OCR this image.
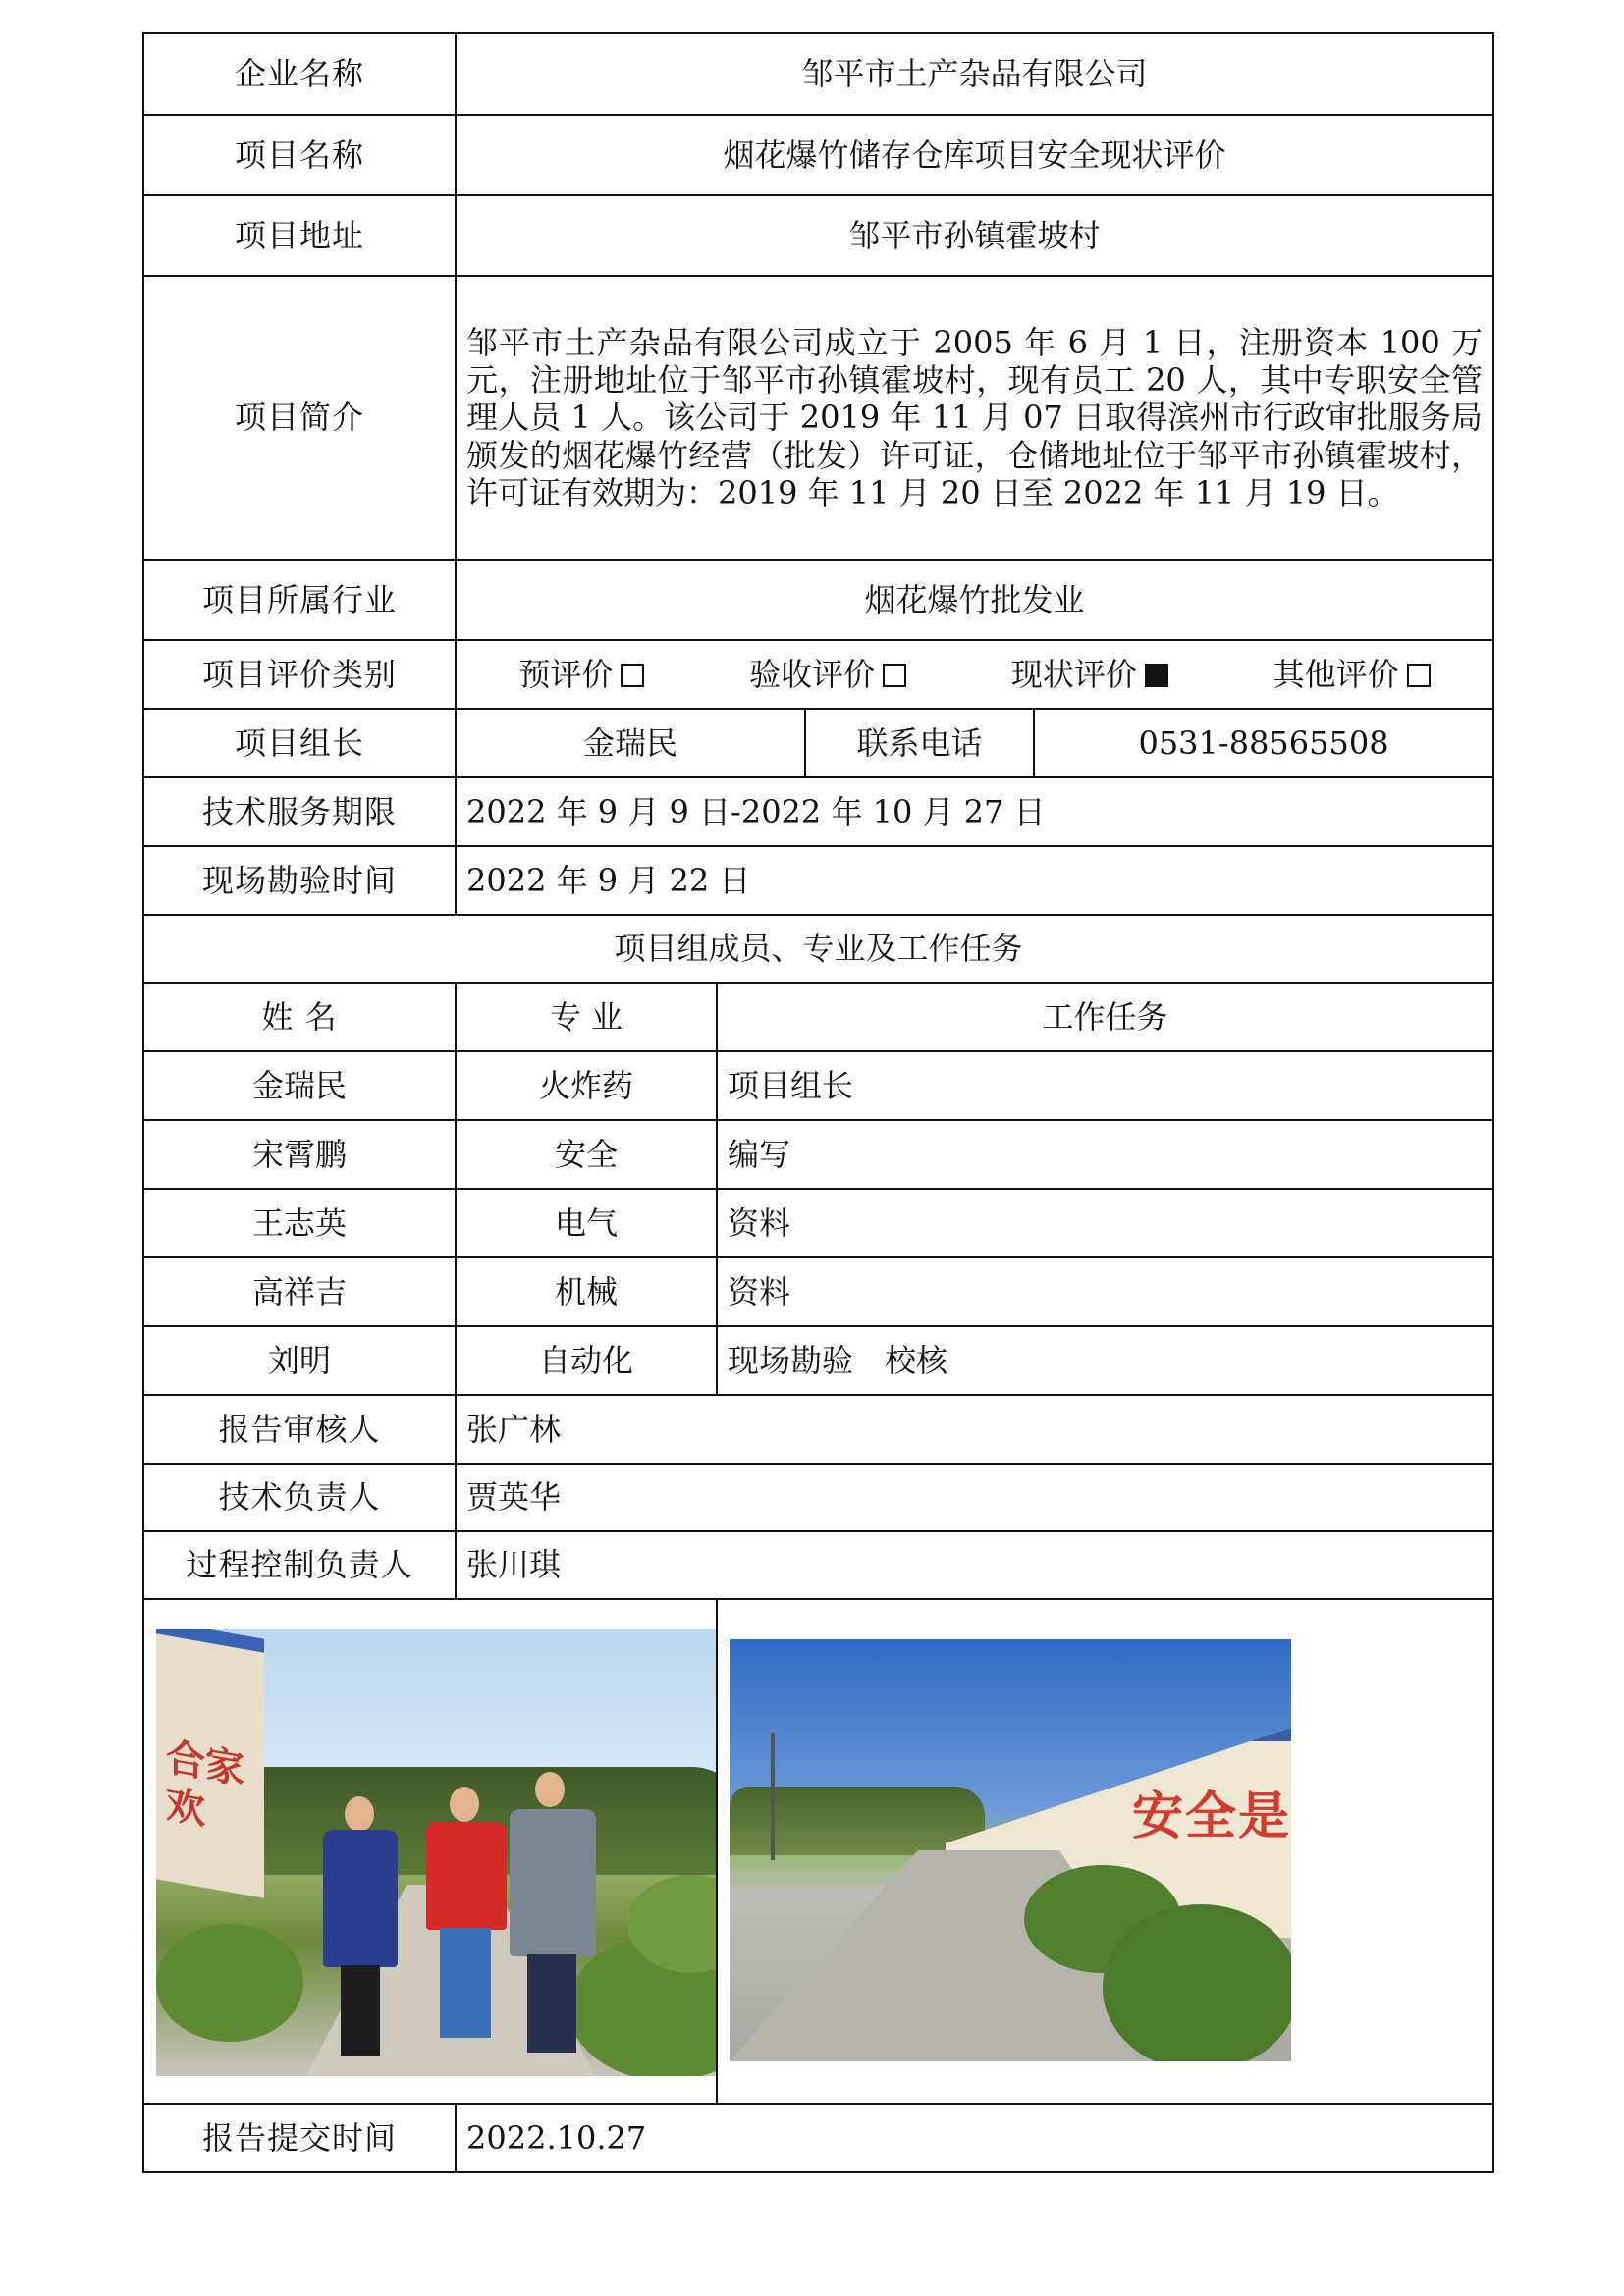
企业名称	邹平市土产杂品有限公司			
项目名称	烟花爆竹储存仓库项目安全现状评价			
项目地址	邹平市孙镇霍坡村			
项目简介	邹平市土产杂品有限公司成立于 2005 年 6 月 1 日，注册资本 100 万元，注册地址位于邹平市孙镇霍坡村，现有员工 20 人，其中专职安全管理人员 1 人。该公司于 2019 年 11 月 07 日取得滨州市行政审批服务局颁发的烟花爆竹经营（批发）许可证，仓储地址位于邹平市孙镇霍坡村，许可证有效期为：2019 年 11 月 20 日至 2022 年 11 月 19 日。			
项目所属行业	烟花爆竹批发业			
项目评价类别	预评价 验收评价 现状评价 其他评价			

项目组长	金瑞民		联系电话	0531-88565508
技术服务期限	2022 年 9 月 9 日-2022 年 10 月 27 日			
现场勘验时间	2022 年 9 月 22 日			
项目组成员、专业及工作任务				
姓 名	专 业	工作任务		
金瑞民	火炸药	项目组长		
宋霄鹏	安全	编写		
王志英	电气	资料		
高祥吉	机械	资料		
刘明	自动化	现场勘验　校核		
报告审核人	张广林			
技术负责人	贾英华			
过程控制负责人	张川琪			

合家欢		安全是		

报告提交时间	2022.10.27			
